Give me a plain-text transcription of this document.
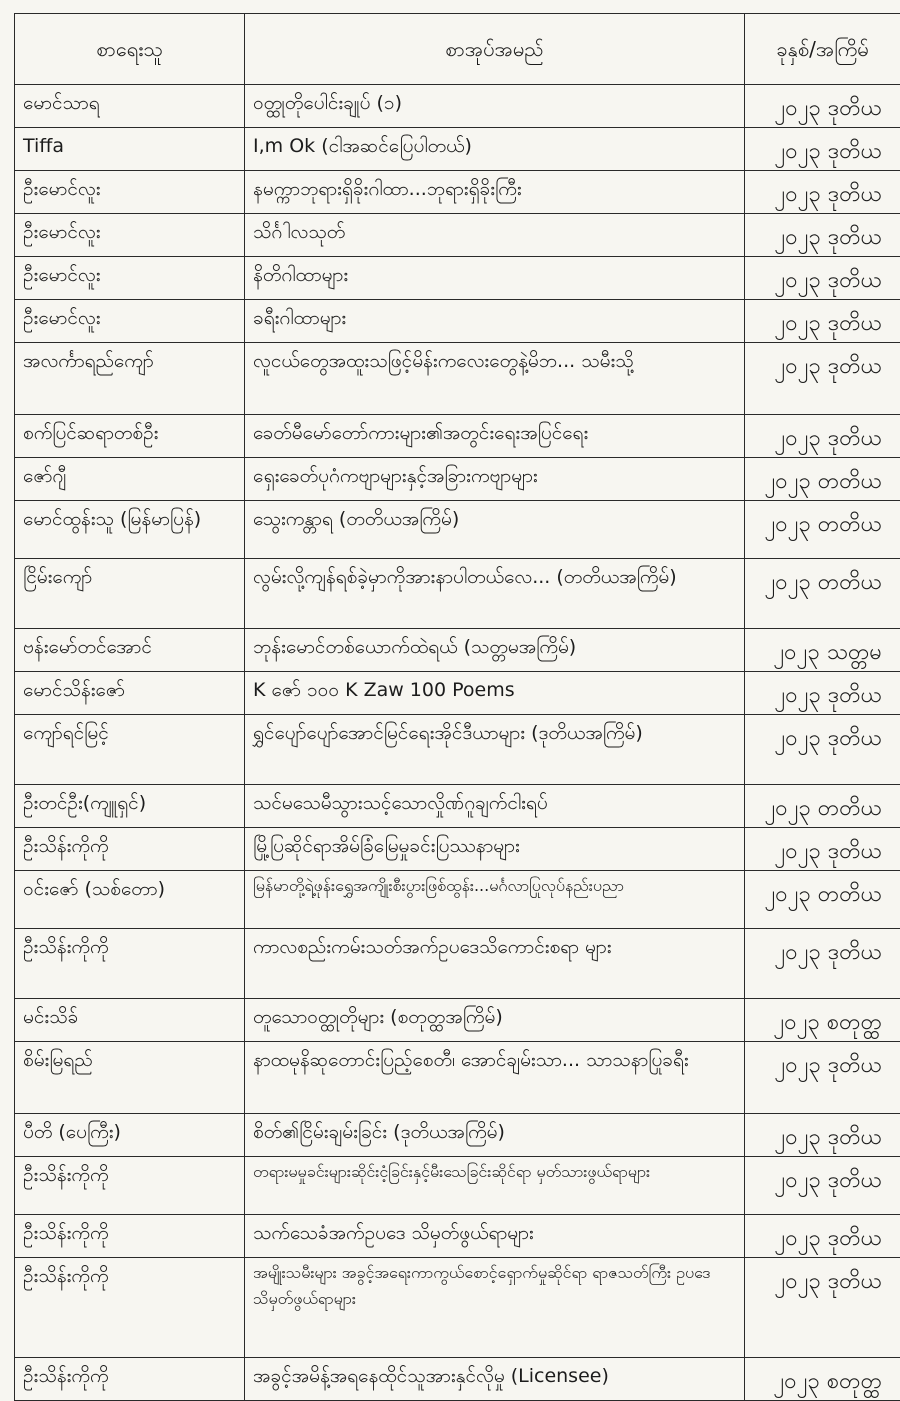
စာရေးသူ	စာအုပ်အမည်	ခုနှစ်/အကြိမ်
မောင်သာရ	ဝတ္ထုတိုပေါင်းချုပ် (၁)	၂၀၂၃ ဒုတိယ
Tiffa	I,m Ok (ငါအဆင်ပြေပါတယ်)	၂၀၂၃ ဒုတိယ
ဦးမောင်လူး	နမက္ကာဘုရားရှိခိုးဂါထာ...ဘုရားရှိခိုးကြီး	၂၀၂၃ ဒုတိယ
ဦးမောင်လူး	သိင်္ဂါလသုတ်	၂၀၂၃ ဒုတိယ
ဦးမောင်လူး	နိတိဂါထာများ	၂၀၂၃ ဒုတိယ
ဦးမောင်လူး	ခရီးဂါထာများ	၂၀၂၃ ဒုတိယ
အလင်္ကာရည်ကျော်	လူငယ်တွေအထူးသဖြင့်မိန်းကလေးတွေနဲ့မိဘ... သမီးသို့	၂၀၂၃ ဒုတိယ
စက်ပြင်ဆရာတစ်ဦး	ခေတ်မီမော်တော်ကားများ၏အတွင်းရေးအပြင်ရေး	၂၀၂၃ ဒုတိယ
ဇော်ဂျီ	ရှေးခေတ်ပုဂံကဗျာများနှင့်အခြားကဗျာများ	၂၀၂၃ တတိယ
မောင်ထွန်းသူ (မြန်မာပြန်)	သွေးကန္တာရ (တတိယအကြိမ်)	၂၀၂၃ တတိယ
ငြိမ်းကျော်	လွမ်းလို့ကျန်ရစ်ခဲ့မှာကိုအားနာပါတယ်လေ... (တတိယအကြိမ်)	၂၀၂၃ တတိယ
ဗန်းမော်တင်အောင်	ဘုန်းမောင်တစ်ယောက်ထဲရယ် (သတ္တမအကြိမ်)	၂၀၂၃ သတ္တမ
မောင်သိန်းဇော်	K ဇော် ၁၀၀ K Zaw 100 Poems	၂၀၂၃ ဒုတိယ
ကျော်ရင်မြင့်	ရွှင်ပျော်ပျော်အောင်မြင်ရေးအိုင်ဒီယာများ (ဒုတိယအကြိမ်)	၂၀၂၃ ဒုတိယ
ဦးတင်ဦး(ကျူရှင်)	သင်မသေမီသွားသင့်သောလှိုဏ်ဂူချက်ငါးရပ်	၂၀၂၃ တတိယ
ဦးသိန်းကိုကို	မြို့ပြဆိုင်ရာအိမ်ခြံမြေမှုခင်းပြဿနာများ	၂၀၂၃ ဒုတိယ
ဝင်းဇော် (သစ်တော)	မြန်မာတို့ရဲ့ဖုန်းရွှေအကျိုးစီးပွားဖြစ်ထွန်း...မင်္ဂလာပြုလုပ်နည်းပညာ	၂၀၂၃ တတိယ
ဦးသိန်းကိုကို	ကာလစည်းကမ်းသတ်အက်ဥပဒေသိကောင်းစရာ များ	၂၀၂၃ ဒုတိယ
မင်းသိခ်	တူသောဝတ္ထုတိုများ (စတုတ္ထအကြိမ်)	၂၀၂၃ စတုတ္ထ
စိမ်းမြရည်	နာထမုနိဆုတောင်းပြည့်စေတီ၊ အောင်ချမ်းသာ... သာသနာပြုခရီး	၂၀၂၃ ဒုတိယ
ပီတိ (ပေကြီး)	စိတ်၏ငြိမ်းချမ်းခြင်း (ဒုတိယအကြိမ်)	၂၀၂၃ ဒုတိယ
ဦးသိန်းကိုကို	တရားမမှုခင်းများဆိုင်းငံ့ခြင်းနှင့်မီးသေခြင်းဆိုင်ရာ မှတ်သားဖွယ်ရာများ	၂၀၂၃ ဒုတိယ
ဦးသိန်းကိုကို	သက်သေခံအက်ဥပဒေ သိမှတ်ဖွယ်ရာများ	၂၀၂၃ ဒုတိယ
ဦးသိန်းကိုကို	အမျိုးသမီးများ အခွင့်အရေးကာကွယ်စောင့်ရှောက်မှုဆိုင်ရာ ရာဇသတ်ကြီး ဥပဒေသိမှတ်ဖွယ်ရာများ	၂၀၂၃ ဒုတိယ
ဦးသိန်းကိုကို	အခွင့်အမိန့်အရနေထိုင်သူအားနှင်လိုမှု (Licensee)	၂၀၂၃ စတုတ္ထ
